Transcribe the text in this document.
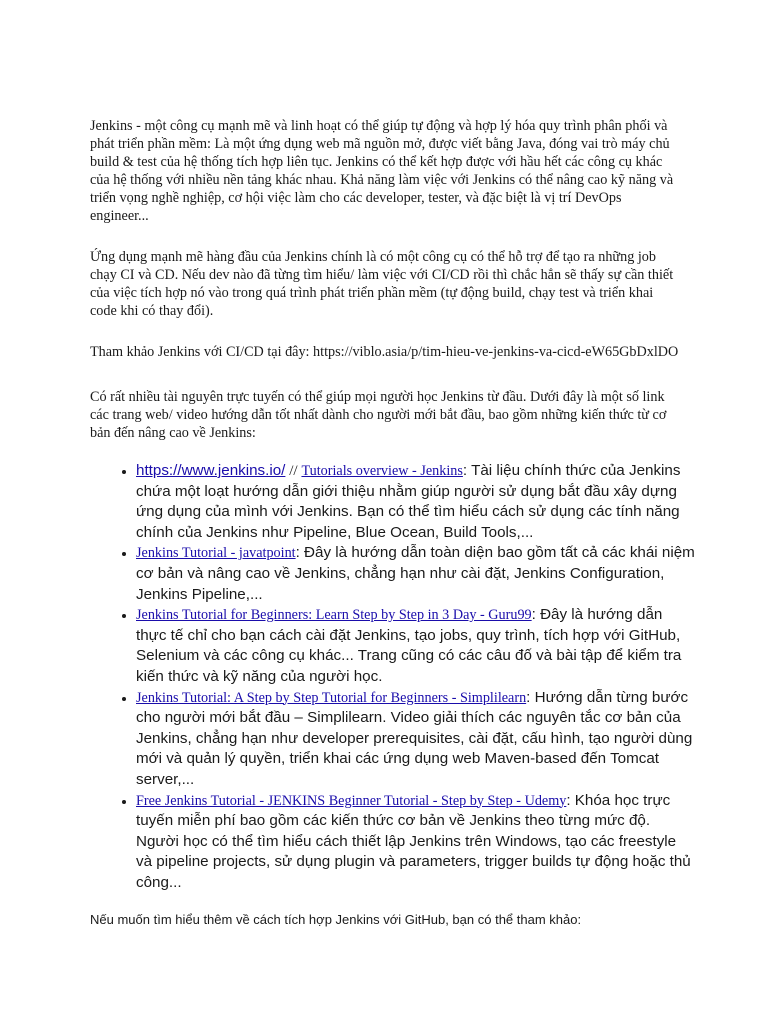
Jenkins - một công cụ mạnh mẽ và linh hoạt có thể giúp tự động và hợp lý hóa quy trình phân phối và phát triển phần mềm: Là một ứng dụng web mã nguồn mở, được viết bằng Java, đóng vai trò máy chủ build & test của hệ thống tích hợp liên tục. Jenkins có thể kết hợp được với hầu hết các công cụ khác của hệ thống với nhiều nền tảng khác nhau. Khả năng làm việc với Jenkins có thể nâng cao kỹ năng và triển vọng nghề nghiệp, cơ hội việc làm cho các developer, tester, và đặc biệt là vị trí DevOps engineer...

Ứng dụng mạnh mẽ hàng đầu của Jenkins chính là có một công cụ có thể hỗ trợ để tạo ra những job chạy CI và CD. Nếu dev nào đã từng tìm hiểu/ làm việc với CI/CD rồi thì chắc hẳn sẽ thấy sự cần thiết của việc tích hợp nó vào trong quá trình phát triển phần mềm (tự động build, chạy test và triển khai code khi có thay đổi).

Tham khảo Jenkins với CI/CD tại đây: https://viblo.asia/p/tim-hieu-ve-jenkins-va-cicd-eW65GbDxlDO

Có rất nhiều tài nguyên trực tuyến có thể giúp mọi người học Jenkins từ đầu. Dưới đây là một số link các trang web/ video hướng dẫn tốt nhất dành cho người mới bắt đầu, bao gồm những kiến thức từ cơ bản đến nâng cao về Jenkins:

• https://www.jenkins.io/ // Tutorials overview - Jenkins: Tài liệu chính thức của Jenkins chứa một loạt hướng dẫn giới thiệu nhằm giúp người sử dụng bắt đầu xây dựng ứng dụng của mình với Jenkins. Bạn có thể tìm hiểu cách sử dụng các tính năng chính của Jenkins như Pipeline, Blue Ocean, Build Tools,...
• Jenkins Tutorial - javatpoint: Đây là hướng dẫn toàn diện bao gồm tất cả các khái niệm cơ bản và nâng cao về Jenkins, chẳng hạn như cài đặt, Jenkins Configuration, Jenkins Pipeline,...
• Jenkins Tutorial for Beginners: Learn Step by Step in 3 Day - Guru99: Đây là hướng dẫn thực tế chỉ cho bạn cách cài đặt Jenkins, tạo jobs, quy trình, tích hợp với GitHub, Selenium và các công cụ khác... Trang cũng có các câu đố và bài tập để kiểm tra kiến thức và kỹ năng của người học.
• Jenkins Tutorial: A Step by Step Tutorial for Beginners - Simplilearn: Hướng dẫn từng bước cho người mới bắt đầu – Simplilearn. Video giải thích các nguyên tắc cơ bản của Jenkins, chẳng hạn như developer prerequisites, cài đặt, cấu hình, tạo người dùng mới và quản lý quyền, triển khai các ứng dụng web Maven-based đến Tomcat server,...
• Free Jenkins Tutorial - JENKINS Beginner Tutorial - Step by Step - Udemy: Khóa học trực tuyến miễn phí bao gồm các kiến thức cơ bản về Jenkins theo từng mức độ. Người học có thể tìm hiểu cách thiết lập Jenkins trên Windows, tạo các freestyle và pipeline projects, sử dụng plugin và parameters, trigger builds tự động hoặc thủ công...

Nếu muốn tìm hiểu thêm về cách tích hợp Jenkins với GitHub, bạn có thể tham khảo:
